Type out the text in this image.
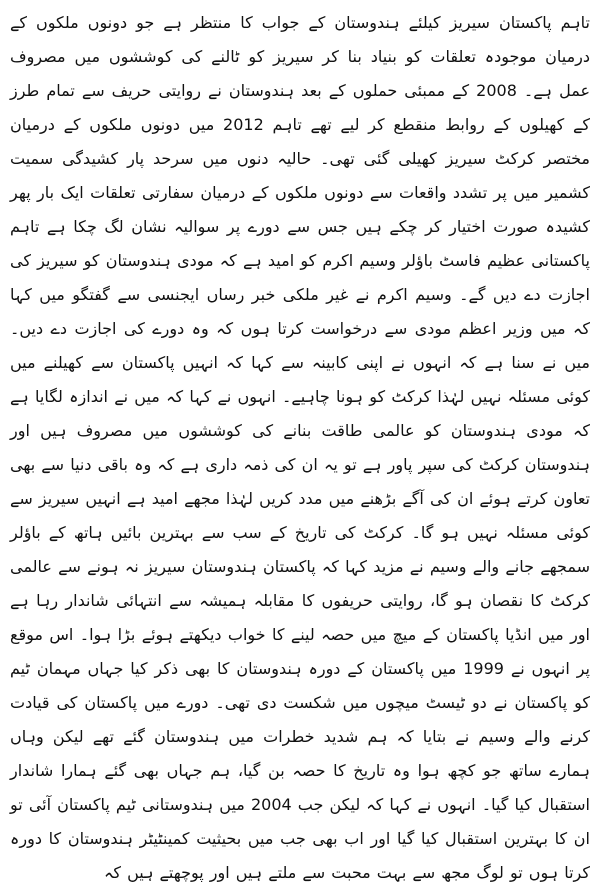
تاہم پاکستان سیریز کیلئے ہندوستان کے جواب کا منتظر ہے جو دونوں ملکوں کے درمیان موجودہ تعلقات کو بنیاد بنا کر سیریز کو ٹالنے کی کوششوں میں مصروف عمل ہے۔ 2008 کے ممبئی حملوں کے بعد ہندوستان نے روایتی حریف سے تمام طرز کے کھیلوں کے روابط منقطع کر لیے تھے تاہم 2012 میں دونوں ملکوں کے درمیان مختصر کرکٹ سیریز کھیلی گئی تھی۔ حالیہ دنوں میں سرحد پار کشیدگی سمیت کشمیر میں پر تشدد واقعات سے دونوں ملکوں کے درمیان سفارتی تعلقات ایک بار پھر کشیدہ صورت اختیار کر چکے ہیں جس سے دورے پر سوالیہ نشان لگ چکا ہے تاہم پاکستانی عظیم فاسٹ باؤلر وسیم اکرم کو امید ہے کہ مودی ہندوستان کو سیریز کی اجازت دے دیں گے۔ وسیم اکرم نے غیر ملکی خبر رساں ایجنسی سے گفتگو میں کہا کہ میں وزیر اعظم مودی سے درخواست کرتا ہوں کہ وہ دورے کی اجازت دے دیں۔ میں نے سنا ہے کہ انہوں نے اپنی کابینہ سے کہا کہ انہیں پاکستان سے کھیلنے میں کوئی مسئلہ نہیں لہٰذا کرکٹ کو ہونا چاہیے۔ انہوں نے کہا کہ میں نے اندازہ لگایا ہے کہ مودی ہندوستان کو عالمی طاقت بنانے کی کوششوں میں مصروف ہیں اور ہندوستان کرکٹ کی سپر پاور ہے تو یہ ان کی ذمہ داری ہے کہ وہ باقی دنیا سے بھی تعاون کرتے ہوئے ان کی آگے بڑھنے میں مدد کریں لہٰذا مجھے امید ہے انہیں سیریز سے کوئی مسئلہ نہیں ہو گا۔ کرکٹ کی تاریخ کے سب سے بہترین بائیں ہاتھ کے باؤلر سمجھے جانے والے وسیم نے مزید کہا کہ پاکستان ہندوستان سیریز نہ ہونے سے عالمی کرکٹ کا نقصان ہو گا، روایتی حریفوں کا مقابلہ ہمیشہ سے انتہائی شاندار رہا ہے اور میں انڈیا پاکستان کے میچ میں حصہ لینے کا خواب دیکھتے ہوئے بڑا ہوا۔ اس موقع پر انہوں نے 1999 میں پاکستان کے دورہ ہندوستان کا بھی ذکر کیا جہاں مہمان ٹیم کو پاکستان نے دو ٹیسٹ میچوں میں شکست دی تھی۔ دورے میں پاکستان کی قیادت کرنے والے وسیم نے بتایا کہ ہم شدید خطرات میں ہندوستان گئے تھے لیکن وہاں ہمارے ساتھ جو کچھ ہوا وہ تاریخ کا حصہ بن گیا، ہم جہاں بھی گئے ہمارا شاندار استقبال کیا گیا۔ انہوں نے کہا کہ لیکن جب 2004 میں ہندوستانی ٹیم پاکستان آئی تو ان کا بہترین استقبال کیا گیا اور اب بھی جب میں بحیثیت کمینٹیٹر ہندوستان کا دورہ کرتا ہوں تو لوگ مجھ سے بہت محبت سے ملتے ہیں اور پوچھتے ہیں کہ
